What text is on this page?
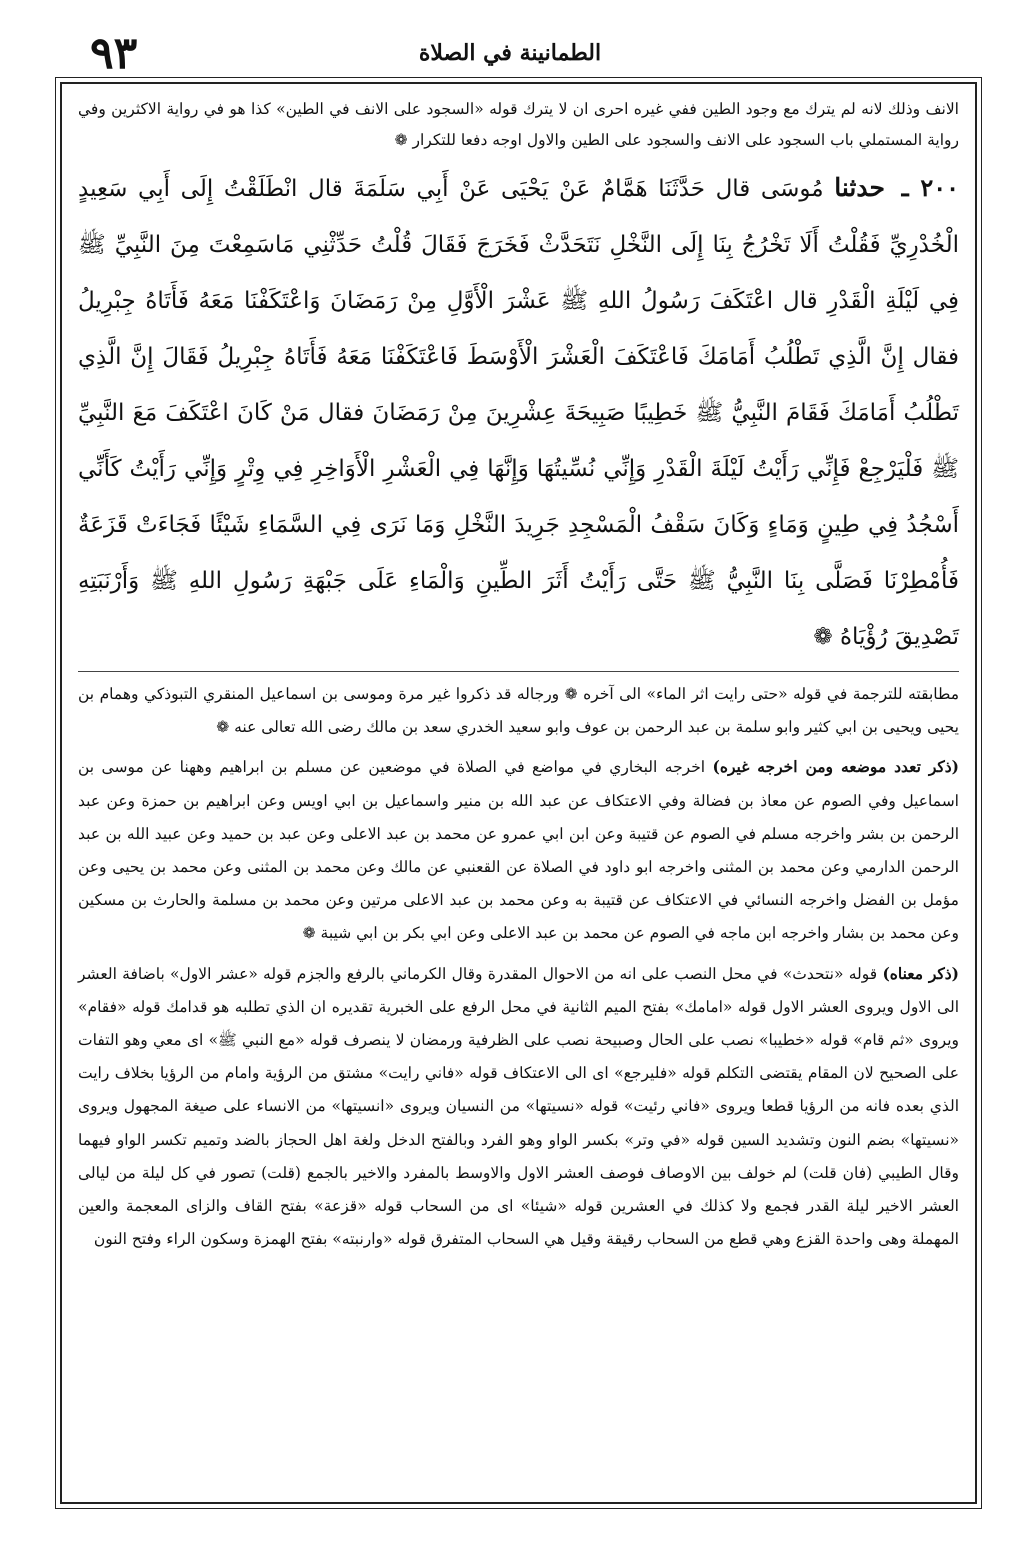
٩٣	الطمانينة في الصلاة

الانف وذلك لانه لم يترك مع وجود الطين ففي غيره احرى ان لا يترك قوله «السجود على الانف في الطين» كذا هو في رواية الاكثرين وفي رواية المستملي باب السجود على الانف والسجود على الطين والاول اوجه دفعا للتكرار ❁

٢٠٠ ـ حدثنا مُوسَى قال حَدَّثَنَا هَمَّامٌ عَنْ يَحْيَى عَنْ أَبِي سَلَمَةَ قال انْطَلَقْتُ إِلَى أَبِي سَعِيدٍ الْخُدْرِيِّ فَقُلْتُ أَلَا تَخْرُجُ بِنَا إِلَى النَّخْلِ نَتَحَدَّثْ فَخَرَجَ فَقَالَ قُلْتُ حَدِّثْنِي مَاسَمِعْتَ مِنَ النَّبِيِّ ﷺ فِي لَيْلَةِ الْقَدْرِ قال اعْتَكَفَ رَسُولُ اللهِ ﷺ عَشْرَ الْأَوَّلِ مِنْ رَمَضَانَ وَاعْتَكَفْنَا مَعَهُ فَأَتَاهُ جِبْرِيلُ فقال إِنَّ الَّذِي تَطْلُبُ أَمَامَكَ فَاعْتَكَفَ الْعَشْرَ الْأَوْسَطَ فَاعْتَكَفْنَا مَعَهُ فَأَتَاهُ جِبْرِيلُ فَقَالَ إِنَّ الَّذِي تَطْلُبُ أَمَامَكَ فَقَامَ النَّبِيُّ ﷺ خَطِيبًا صَبِيحَةَ عِشْرِينَ مِنْ رَمَضَانَ فقال مَنْ كَانَ اعْتَكَفَ مَعَ النَّبِيِّ ﷺ فَلْيَرْجِعْ فَإِنِّي رَأَيْتُ لَيْلَةَ الْقَدْرِ وَإِنِّي نُسِّيتُهَا وَإِنَّهَا فِي الْعَشْرِ الْأَوَاخِرِ فِي وِتْرٍ وَإِنِّي رَأَيْتُ كَأَنِّي أَسْجُدُ فِي طِينٍ وَمَاءٍ وَكَانَ سَقْفُ الْمَسْجِدِ جَرِيدَ النَّخْلِ وَمَا نَرَى فِي السَّمَاءِ شَيْئًا فَجَاءَتْ قَزَعَةٌ فَأُمْطِرْنَا فَصَلَّى بِنَا النَّبِيُّ ﷺ حَتَّى رَأَيْتُ أَثَرَ الطِّينِ وَالْمَاءِ عَلَى جَبْهَةِ رَسُولِ اللهِ ﷺ وَأَرْنَبَتِهِ تَصْدِيقَ رُؤْيَاهُ ❁

مطابقته للترجمة في قوله «حتى رايت اثر الماء» الى آخره ❁ ورجاله قد ذكروا غير مرة وموسى بن اسماعيل المنقري التبوذكي وهمام بن يحيى ويحيى بن ابي كثير وابو سلمة بن عبد الرحمن بن عوف وابو سعيد الخدري سعد بن مالك رضى الله تعالى عنه ❁

(ذكر تعدد موضعه ومن اخرجه غيره) اخرجه البخاري في مواضع في الصلاة في موضعين عن مسلم بن ابراهيم وههنا عن موسى بن اسماعيل وفي الصوم عن معاذ بن فضالة وفي الاعتكاف عن عبد الله بن منير واسماعيل بن ابي اويس وعن ابراهيم بن حمزة وعن عبد الرحمن بن بشر واخرجه مسلم في الصوم عن قتيبة وعن ابن ابي عمرو عن محمد بن عبد الاعلى وعن عبد بن حميد وعن عبيد الله بن عبد الرحمن الدارمي وعن محمد بن المثنى واخرجه ابو داود في الصلاة عن القعنبي عن مالك وعن محمد بن المثنى وعن محمد بن يحيى وعن مؤمل بن الفضل واخرجه النسائي في الاعتكاف عن قتيبة به وعن محمد بن عبد الاعلى مرتين وعن محمد بن مسلمة والحارث بن مسكين وعن محمد بن بشار واخرجه ابن ماجه في الصوم عن محمد بن عبد الاعلى وعن ابي بكر بن ابي شيبة ❁

(ذكر معناه) قوله «نتحدث» في محل النصب على انه من الاحوال المقدرة وقال الكرماني بالرفع والجزم قوله «عشر الاول» باضافة العشر الى الاول ويروى العشر الاول قوله «امامك» بفتح الميم الثانية في محل الرفع على الخبرية تقديره ان الذي تطلبه هو قدامك قوله «فقام» ويروى «ثم قام» قوله «خطيبا» نصب على الحال وصبيحة نصب على الظرفية ورمضان لا ينصرف قوله «مع النبي ﷺ» اى معي وهو التفات على الصحيح لان المقام يقتضى التكلم قوله «فليرجع» اى الى الاعتكاف قوله «فاني رايت» مشتق من الرؤية وامام من الرؤيا بخلاف رايت الذي بعده فانه من الرؤيا قطعا ويروى «فاني رئيت» قوله «نسيتها» من النسيان ويروى «انسيتها» من الانساء على صيغة المجهول ويروى «نسيتها» بضم النون وتشديد السين قوله «في وتر» بكسر الواو وهو الفرد وبالفتح الدخل ولغة اهل الحجاز بالضد وتميم تكسر الواو فيهما وقال الطيبي (فان قلت) لم خولف بين الاوصاف فوصف العشر الاول والاوسط بالمفرد والاخير بالجمع (قلت) تصور في كل ليلة من ليالى العشر الاخير ليلة القدر فجمع ولا كذلك في العشرين قوله «شيئا» اى من السحاب قوله «قزعة» بفتح القاف والزاى المعجمة والعين المهملة وهى واحدة القزع وهي قطع من السحاب رقيقة وقيل هي السحاب المتفرق قوله «وارنبته» بفتح الهمزة وسكون الراء وفتح النون
